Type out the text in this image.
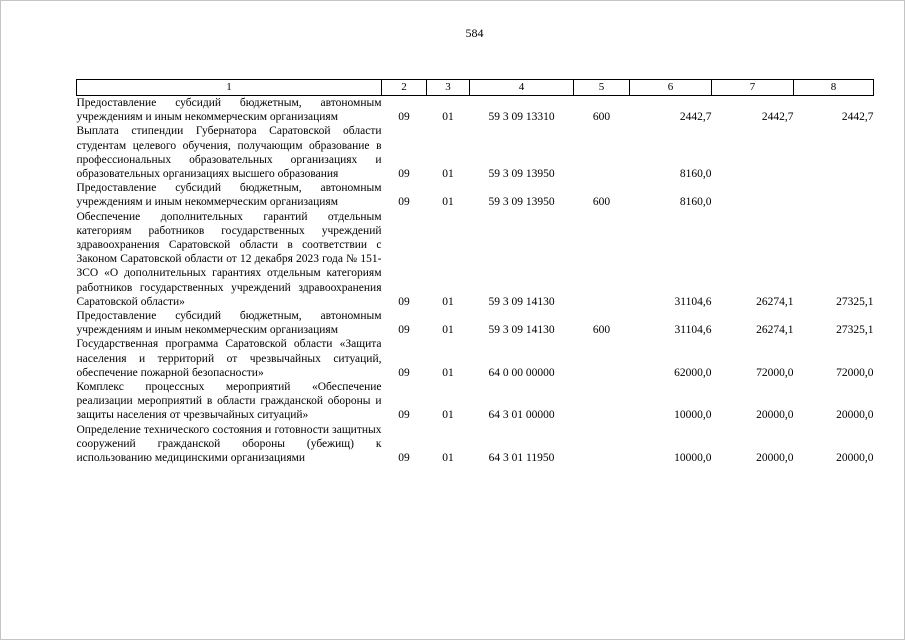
584
1	2	3	4	5	6	7	8
Предоставление субсидий бюджетным, автономным учреждениям и иным некоммерческим организациям	09	01	59 3 09 13310	600	2442,7	2442,7	2442,7
Выплата стипендии Губернатора Саратовской области студентам целевого обучения, получающим образование в профессиональных образовательных организациях и образовательных организациях высшего образования	09	01	59 3 09 13950		8160,0		
Предоставление субсидий бюджетным, автономным учреждениям и иным некоммерческим организациям	09	01	59 3 09 13950	600	8160,0		
Обеспечение дополнительных гарантий отдельным категориям работников государственных учреждений здравоохранения Саратовской области в соответствии с Законом Саратовской области от 12 декабря 2023 года № 151-ЗСО «О дополнительных гарантиях отдельным категориям работников государственных учреждений здравоохранения Саратовской области»	09	01	59 3 09 14130		31104,6	26274,1	27325,1
Предоставление субсидий бюджетным, автономным учреждениям и иным некоммерческим организациям	09	01	59 3 09 14130	600	31104,6	26274,1	27325,1
Государственная программа Саратовской области «Защита населения и территорий от чрезвычайных ситуаций, обеспечение пожарной безопасности»	09	01	64 0 00 00000		62000,0	72000,0	72000,0
Комплекс процессных мероприятий «Обеспечение реализации мероприятий в области гражданской обороны и защиты населения от чрезвычайных ситуаций»	09	01	64 3 01 00000		10000,0	20000,0	20000,0
Определение технического состояния и готовности защитных сооружений гражданской обороны (убежищ) к использованию медицинскими организациями	09	01	64 3 01 11950		10000,0	20000,0	20000,0
